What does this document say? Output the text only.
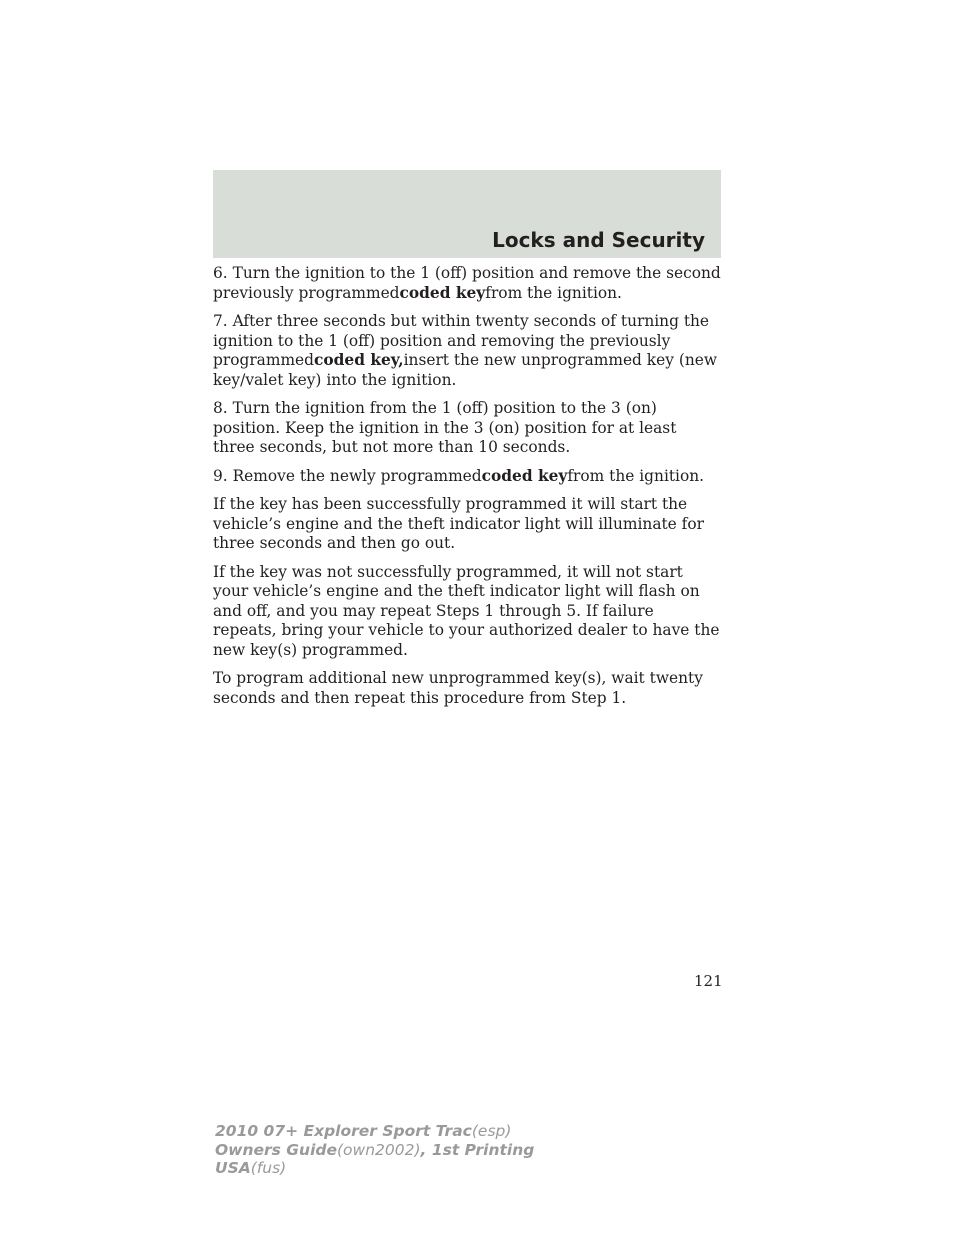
Locks and Security

6. Turn the ignition to the 1 (off) position and remove the second previously programmedcoded keyfrom the ignition.

7. After three seconds but within twenty seconds of turning the ignition to the 1 (off) position and removing the previously programmedcoded key,insert the new unprogrammed key (new key/valet key) into the ignition.

8. Turn the ignition from the 1 (off) position to the 3 (on) position. Keep the ignition in the 3 (on) position for at least three seconds, but not more than 10 seconds.

9. Remove the newly programmedcoded keyfrom the ignition.

If the key has been successfully programmed it will start the vehicle’s engine and the theft indicator light will illuminate for three seconds and then go out.

If the key was not successfully programmed, it will not start your vehicle’s engine and the theft indicator light will flash on and off, and you may repeat Steps 1 through 5. If failure repeats, bring your vehicle to your authorized dealer to have the new key(s) programmed.

To program additional new unprogrammed key(s), wait twenty seconds and then repeat this procedure from Step 1.

121
2010 07+ Explorer Sport Trac(esp)
Owners Guide(own2002), 1st Printing
USA(fus)
